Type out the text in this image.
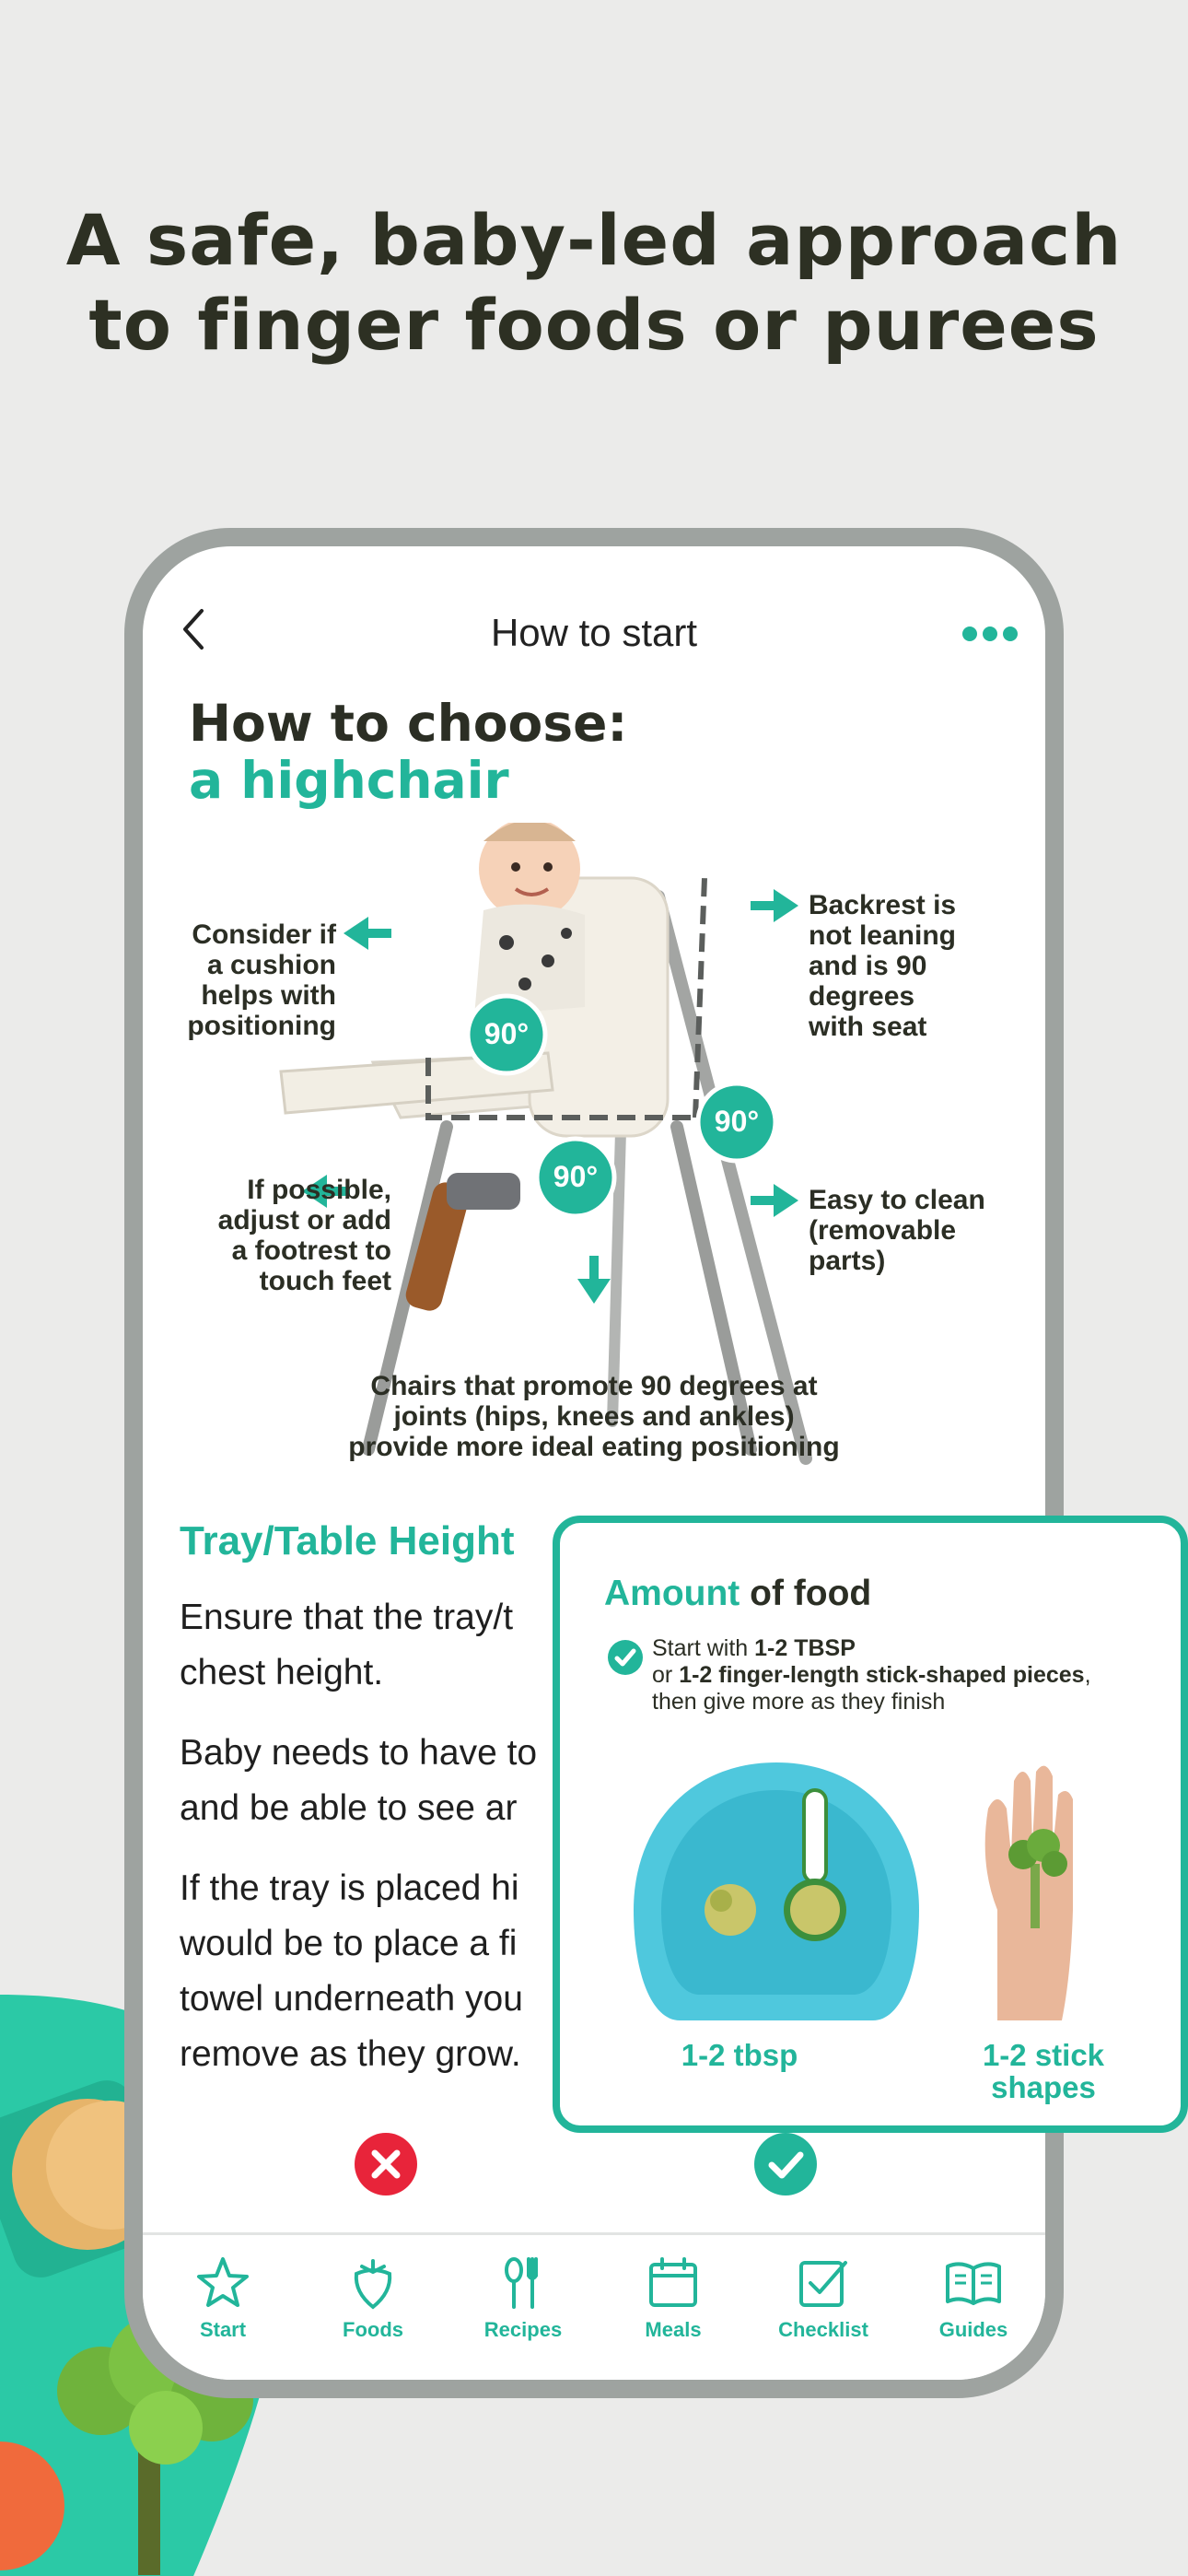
A safe, baby-led approach
to finger foods or purees
How to start
How to choose:
a highchair
90°
90°
90°
Consider if
a cushion
helps with
positioning
Backrest is
not leaning
and is 90
degrees
with seat
If possible,
adjust or add
a footrest to
touch feet
Easy to clean
(removable
parts)
Chairs that promote 90 degrees at
joints (hips, knees and ankles)
provide more ideal eating positioning
Tray/Table Height
Ensure that the tray/t
chest height.
Baby needs to have to
and be able to see ar
If the tray is placed hi
would be to place a fi
towel underneath you
remove as they grow.
Start	Foods	Recipes	Meals	Checklist	Guides
Amount of food
Start with 1-2 TBSP
or 1-2 finger-length stick-shaped pieces,
then give more as they finish
1-2 tbsp	1-2 stick
shapes
